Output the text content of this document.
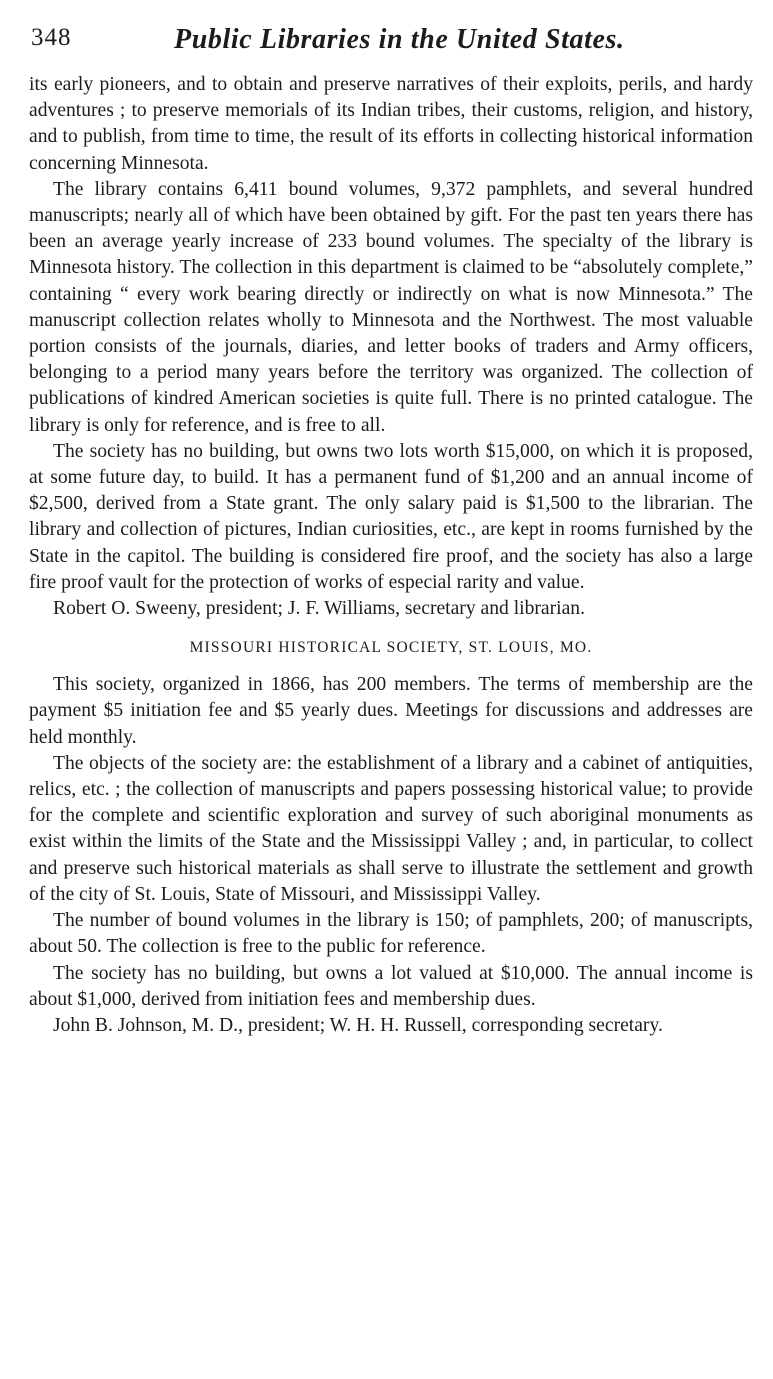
348	Public Libraries in the United States.

its early pioneers, and to obtain and preserve narratives of their exploits, perils, and hardy adventures ; to preserve memorials of its Indian tribes, their customs, religion, and history, and to publish, from time to time, the result of its efforts in collecting historical information concerning Minnesota.

The library contains 6,411 bound volumes, 9,372 pamphlets, and several hundred manuscripts; nearly all of which have been obtained by gift. For the past ten years there has been an average yearly increase of 233 bound volumes. The specialty of the library is Minnesota history. The collection in this department is claimed to be “absolutely complete,” containing “ every work bearing directly or indirectly on what is now Minnesota.” The manuscript collection relates wholly to Minnesota and the Northwest. The most valuable portion consists of the journals, diaries, and letter books of traders and Army officers, belonging to a period many years before the territory was organized. The collection of publications of kindred American societies is quite full. There is no printed catalogue. The library is only for reference, and is free to all.

The society has no building, but owns two lots worth $15,000, on which it is proposed, at some future day, to build. It has a permanent fund of $1,200 and an annual income of $2,500, derived from a State grant. The only salary paid is $1,500 to the librarian. The library and collection of pictures, Indian curiosities, etc., are kept in rooms furnished by the State in the capitol. The building is considered fire proof, and the society has also a large fire proof vault for the protection of works of especial rarity and value.

Robert O. Sweeny, president; J. F. Williams, secretary and librarian.

MISSOURI HISTORICAL SOCIETY, ST. LOUIS, MO.

This society, organized in 1866, has 200 members. The terms of membership are the payment $5 initiation fee and $5 yearly dues. Meetings for discussions and addresses are held monthly.

The objects of the society are: the establishment of a library and a cabinet of antiquities, relics, etc. ; the collection of manuscripts and papers possessing historical value; to provide for the complete and scientific exploration and survey of such aboriginal monuments as exist within the limits of the State and the Mississippi Valley ; and, in particular, to collect and preserve such historical materials as shall serve to illustrate the settlement and growth of the city of St. Louis, State of Missouri, and Mississippi Valley.

The number of bound volumes in the library is 150; of pamphlets, 200; of manuscripts, about 50. The collection is free to the public for reference.

The society has no building, but owns a lot valued at $10,000. The annual income is about $1,000, derived from initiation fees and membership dues.

John B. Johnson, M. D., president; W. H. H. Russell, corresponding secretary.
